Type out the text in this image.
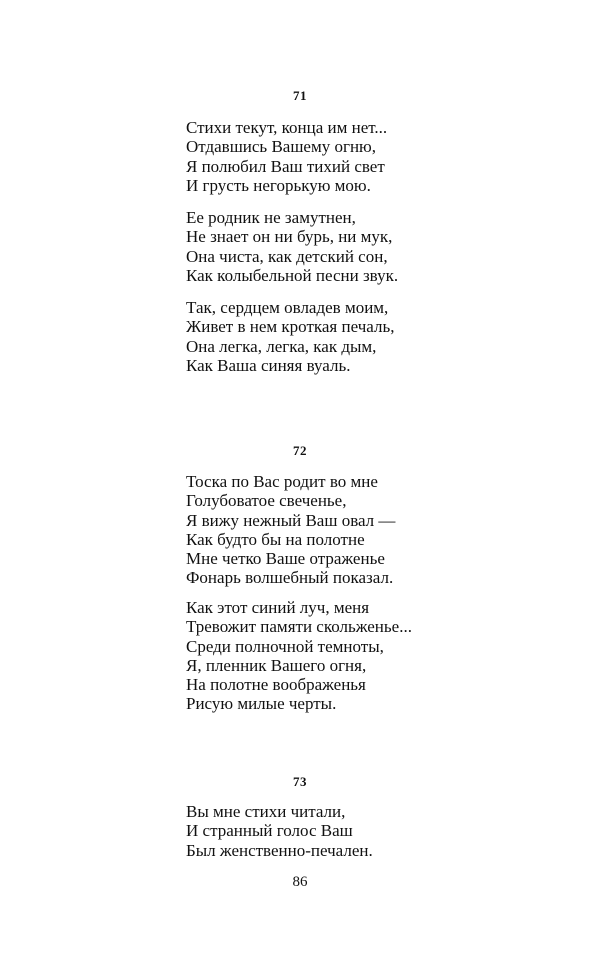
71
Стихи текут, конца им нет...
Отдавшись Вашему огню,
Я полюбил Ваш тихий свет
И грусть негорькую мою.
Ее родник не замутнен,
Не знает он ни бурь, ни мук,
Она чиста, как детский сон,
Как колыбельной песни звук.
Так, сердцем овладев моим,
Живет в нем кроткая печаль,
Она легка, легка, как дым,
Как Ваша синяя вуаль.
72
Тоска по Вас родит во мне
Голубоватое свеченье,
Я вижу нежный Ваш овал —
Как будто бы на полотне
Мне четко Ваше отраженье
Фонарь волшебный показал.
Как этот синий луч, меня
Тревожит памяти скольженье...
Среди полночной темноты,
Я, пленник Вашего огня,
На полотне воображенья
Рисую милые черты.
73
Вы мне стихи читали,
И странный голос Ваш
Был женственно-печален.
86
